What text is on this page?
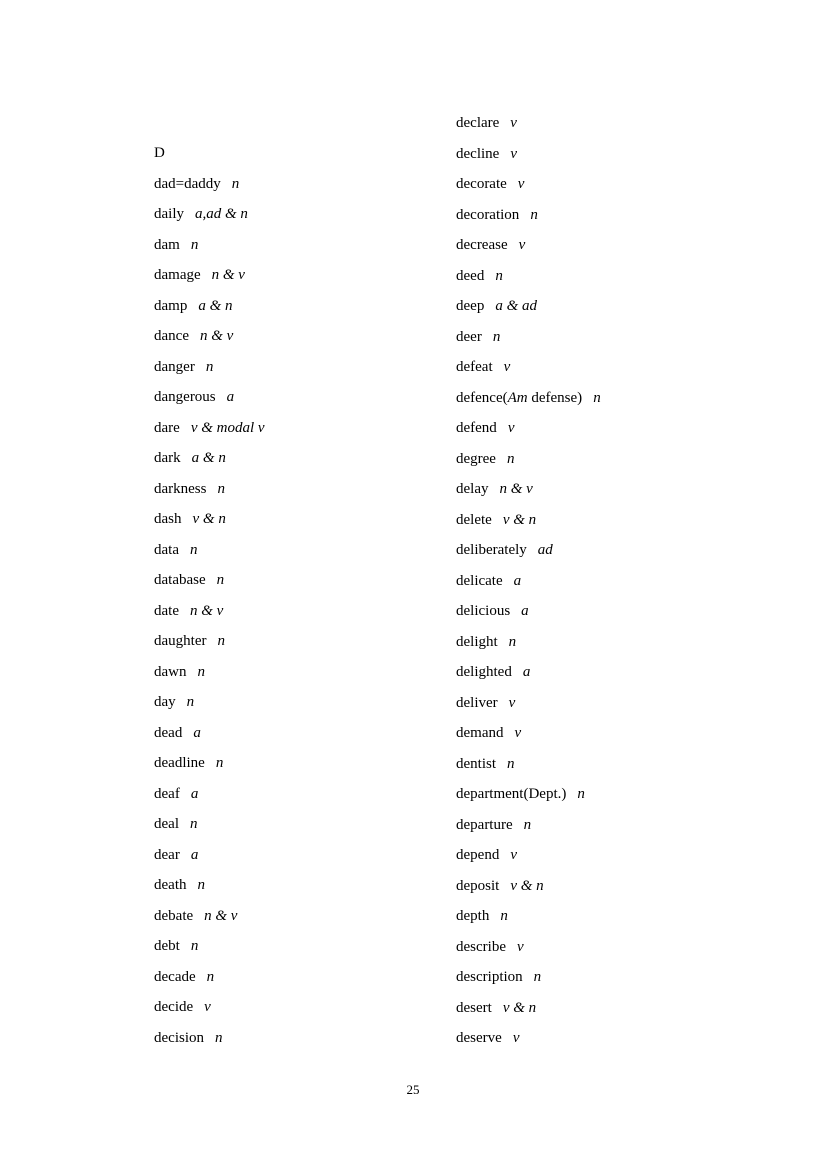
D
dad=daddy n
daily a,ad & n
dam n
damage n & v
damp a & n
dance n & v
danger n
dangerous a
dare v & modal v
dark a & n
darkness n
dash v & n
data n
database n
date n & v
daughter n
dawn n
day n
dead a
deadline n
deaf a
deal n
dear a
death n
debate n & v
debt n
decade n
decide v
decision n
declare v
decline v
decorate v
decoration n
decrease v
deed n
deep a & ad
deer n
defeat v
defence(Am defense) n
defend v
degree n
delay n & v
delete v & n
deliberately ad
delicate a
delicious a
delight n
delighted a
deliver v
demand v
dentist n
department(Dept.) n
departure n
depend v
deposit v & n
depth n
describe v
description n
desert v & n
deserve v
25
